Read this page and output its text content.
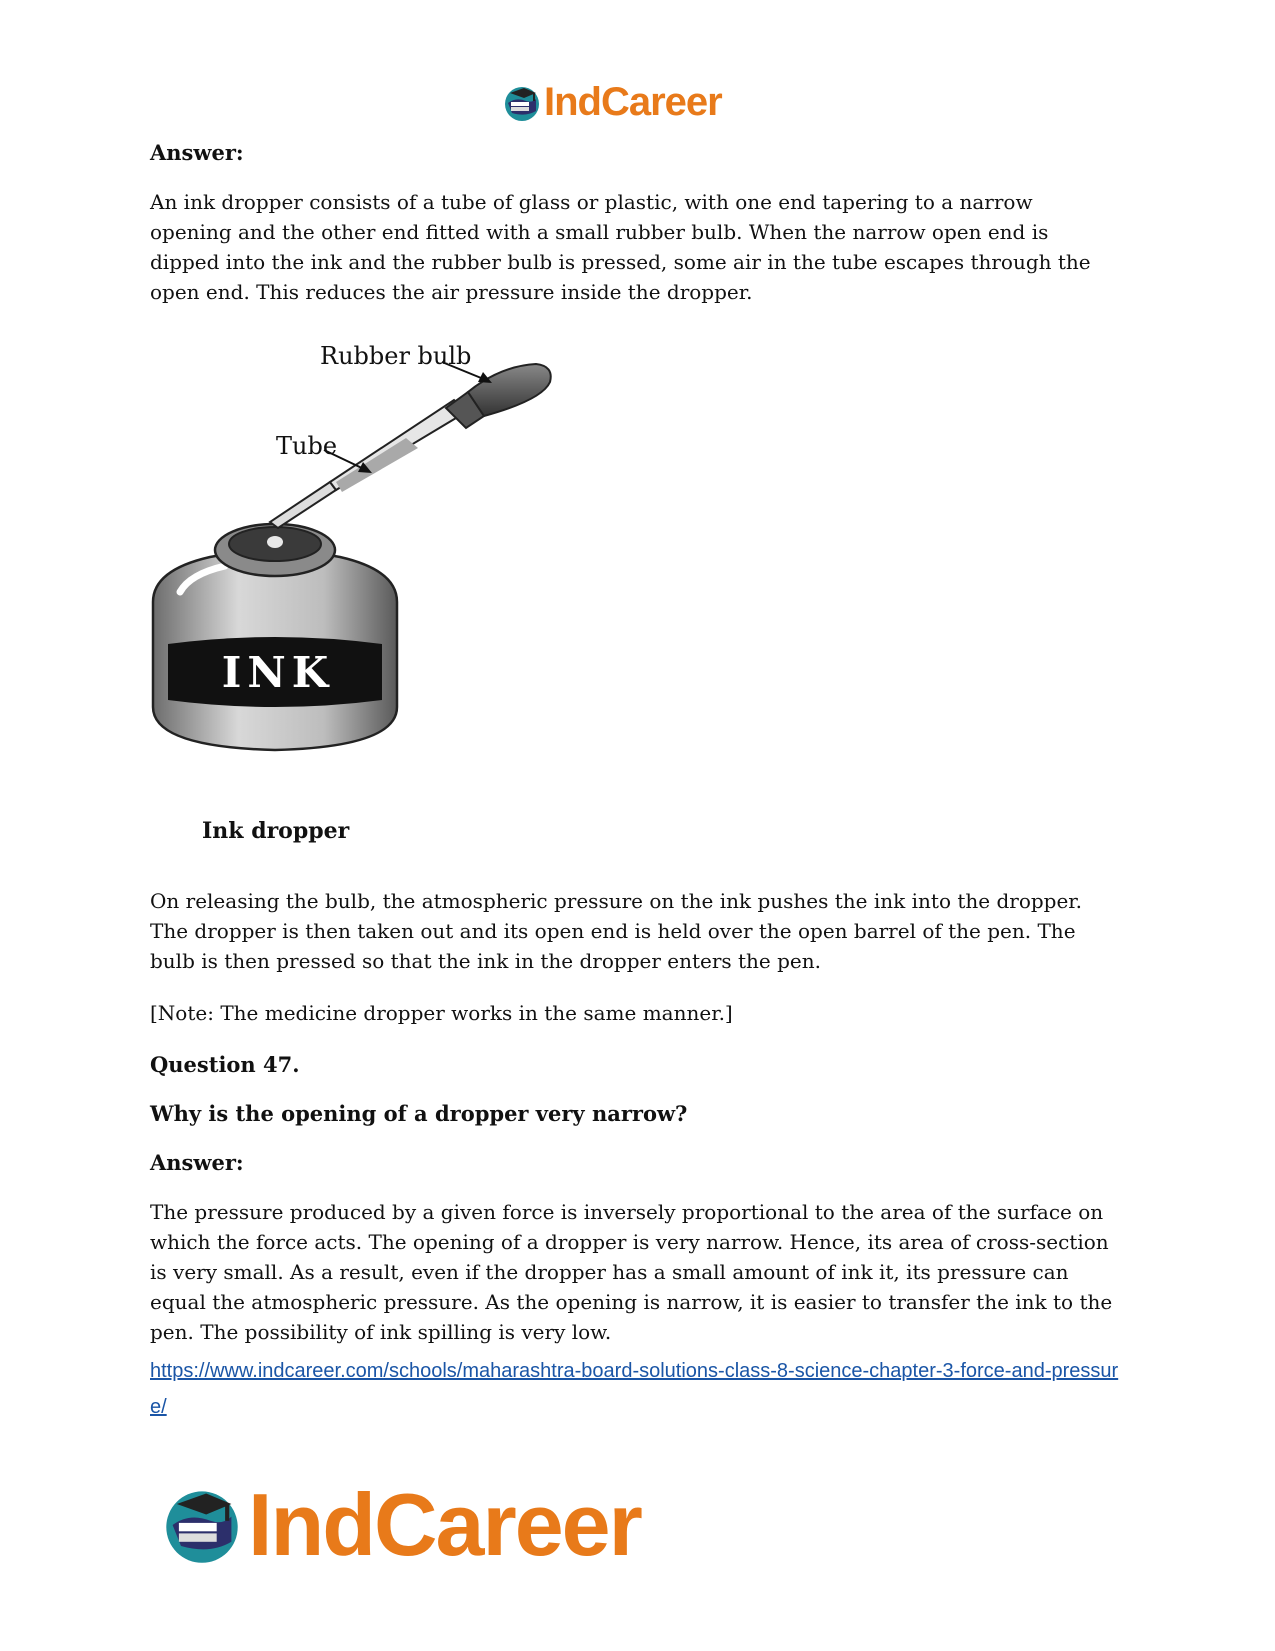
IndCareer
Answer:

An ink dropper consists of a tube of glass or plastic, with one end tapering to a narrow opening and the other end fitted with a small rubber bulb. When the narrow open end is dipped into the ink and the rubber bulb is pressed, some air in the tube escapes through the open end. This reduces the air pressure inside the dropper.

Rubber bulb
Tube
INK
Ink dropper

On releasing the bulb, the atmospheric pressure on the ink pushes the ink into the dropper. The dropper is then taken out and its open end is held over the open barrel of the pen. The bulb is then pressed so that the ink in the dropper enters the pen.

[Note: The medicine dropper works in the same manner.]

Question 47.
Why is the opening of a dropper very narrow?
Answer:

The pressure produced by a given force is inversely proportional to the area of the surface on which the force acts. The opening of a dropper is very narrow. Hence, its area of cross-section is very small. As a result, even if the dropper has a small amount of ink it, its pressure can equal the atmospheric pressure. As the opening is narrow, it is easier to transfer the ink to the pen. The possibility of ink spilling is very low.

https://www.indcareer.com/schools/maharashtra-board-solutions-class-8-science-chapter-3-force-and-pressure/
IndCareer
